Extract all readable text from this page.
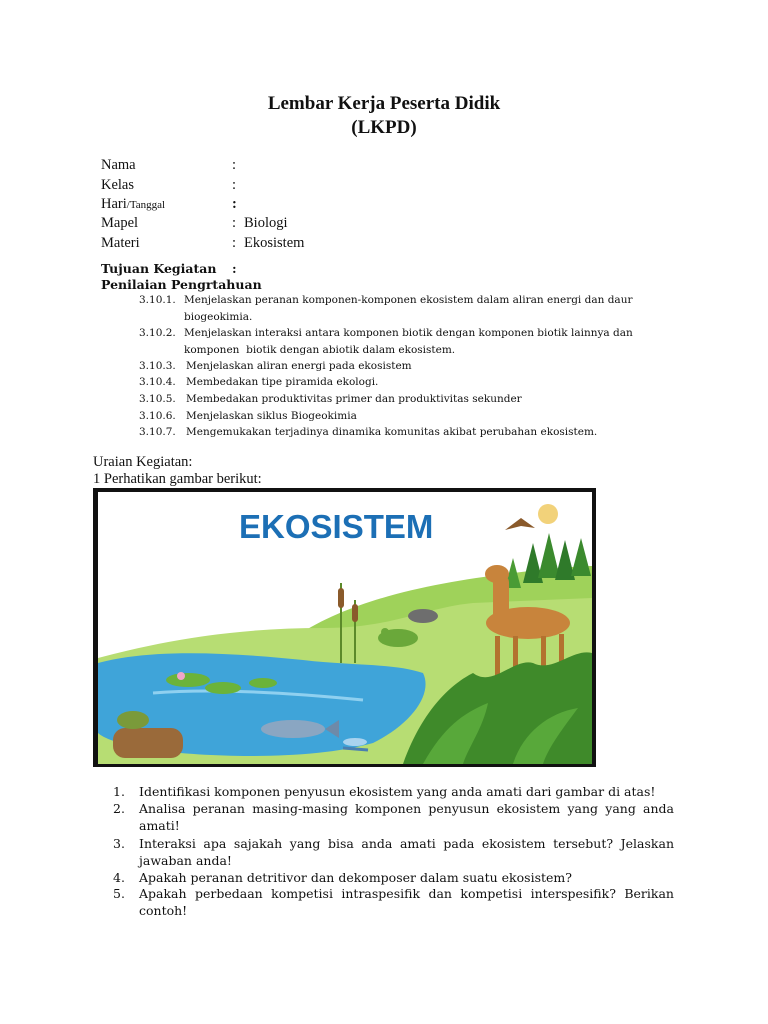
Lembar Kerja Peserta Didik
(LKPD)
Nama	:
Kelas	:
Hari/Tanggal	:
Mapel	: Biologi
Materi	: Ekosistem
Tujuan Kegiatan :
Penilaian Pengrtahuan
3.10.1. Menjelaskan peranan komponen-komponen ekosistem dalam aliran energi dan daur
biogeokimia.
3.10.2. Menjelaskan interaksi antara komponen biotik dengan komponen biotik lainnya dan
komponen  biotik dengan abiotik dalam ekosistem.
3.10.3. Menjelaskan aliran energi pada ekosistem
3.10.4. Membedakan tipe piramida ekologi.
3.10.5. Membedakan produktivitas primer dan produktivitas sekunder
3.10.6. Menjelaskan siklus Biogeokimia
3.10.7. Mengemukakan terjadinya dinamika komunitas akibat perubahan ekosistem.
Uraian Kegiatan:
1 Perhatikan gambar berikut:
EKOSISTEM
1. Identifikasi komponen penyusun ekosistem yang anda amati dari gambar di atas!
2. Analisa peranan masing-masing komponen penyusun ekosistem yang yang anda amati!
3. Interaksi apa sajakah yang bisa anda amati pada ekosistem tersebut? Jelaskan jawaban anda!
4. Apakah peranan detritivor dan dekomposer dalam suatu ekosistem?
5. Apakah perbedaan kompetisi intraspesifik dan kompetisi interspesifik? Berikan contoh!
